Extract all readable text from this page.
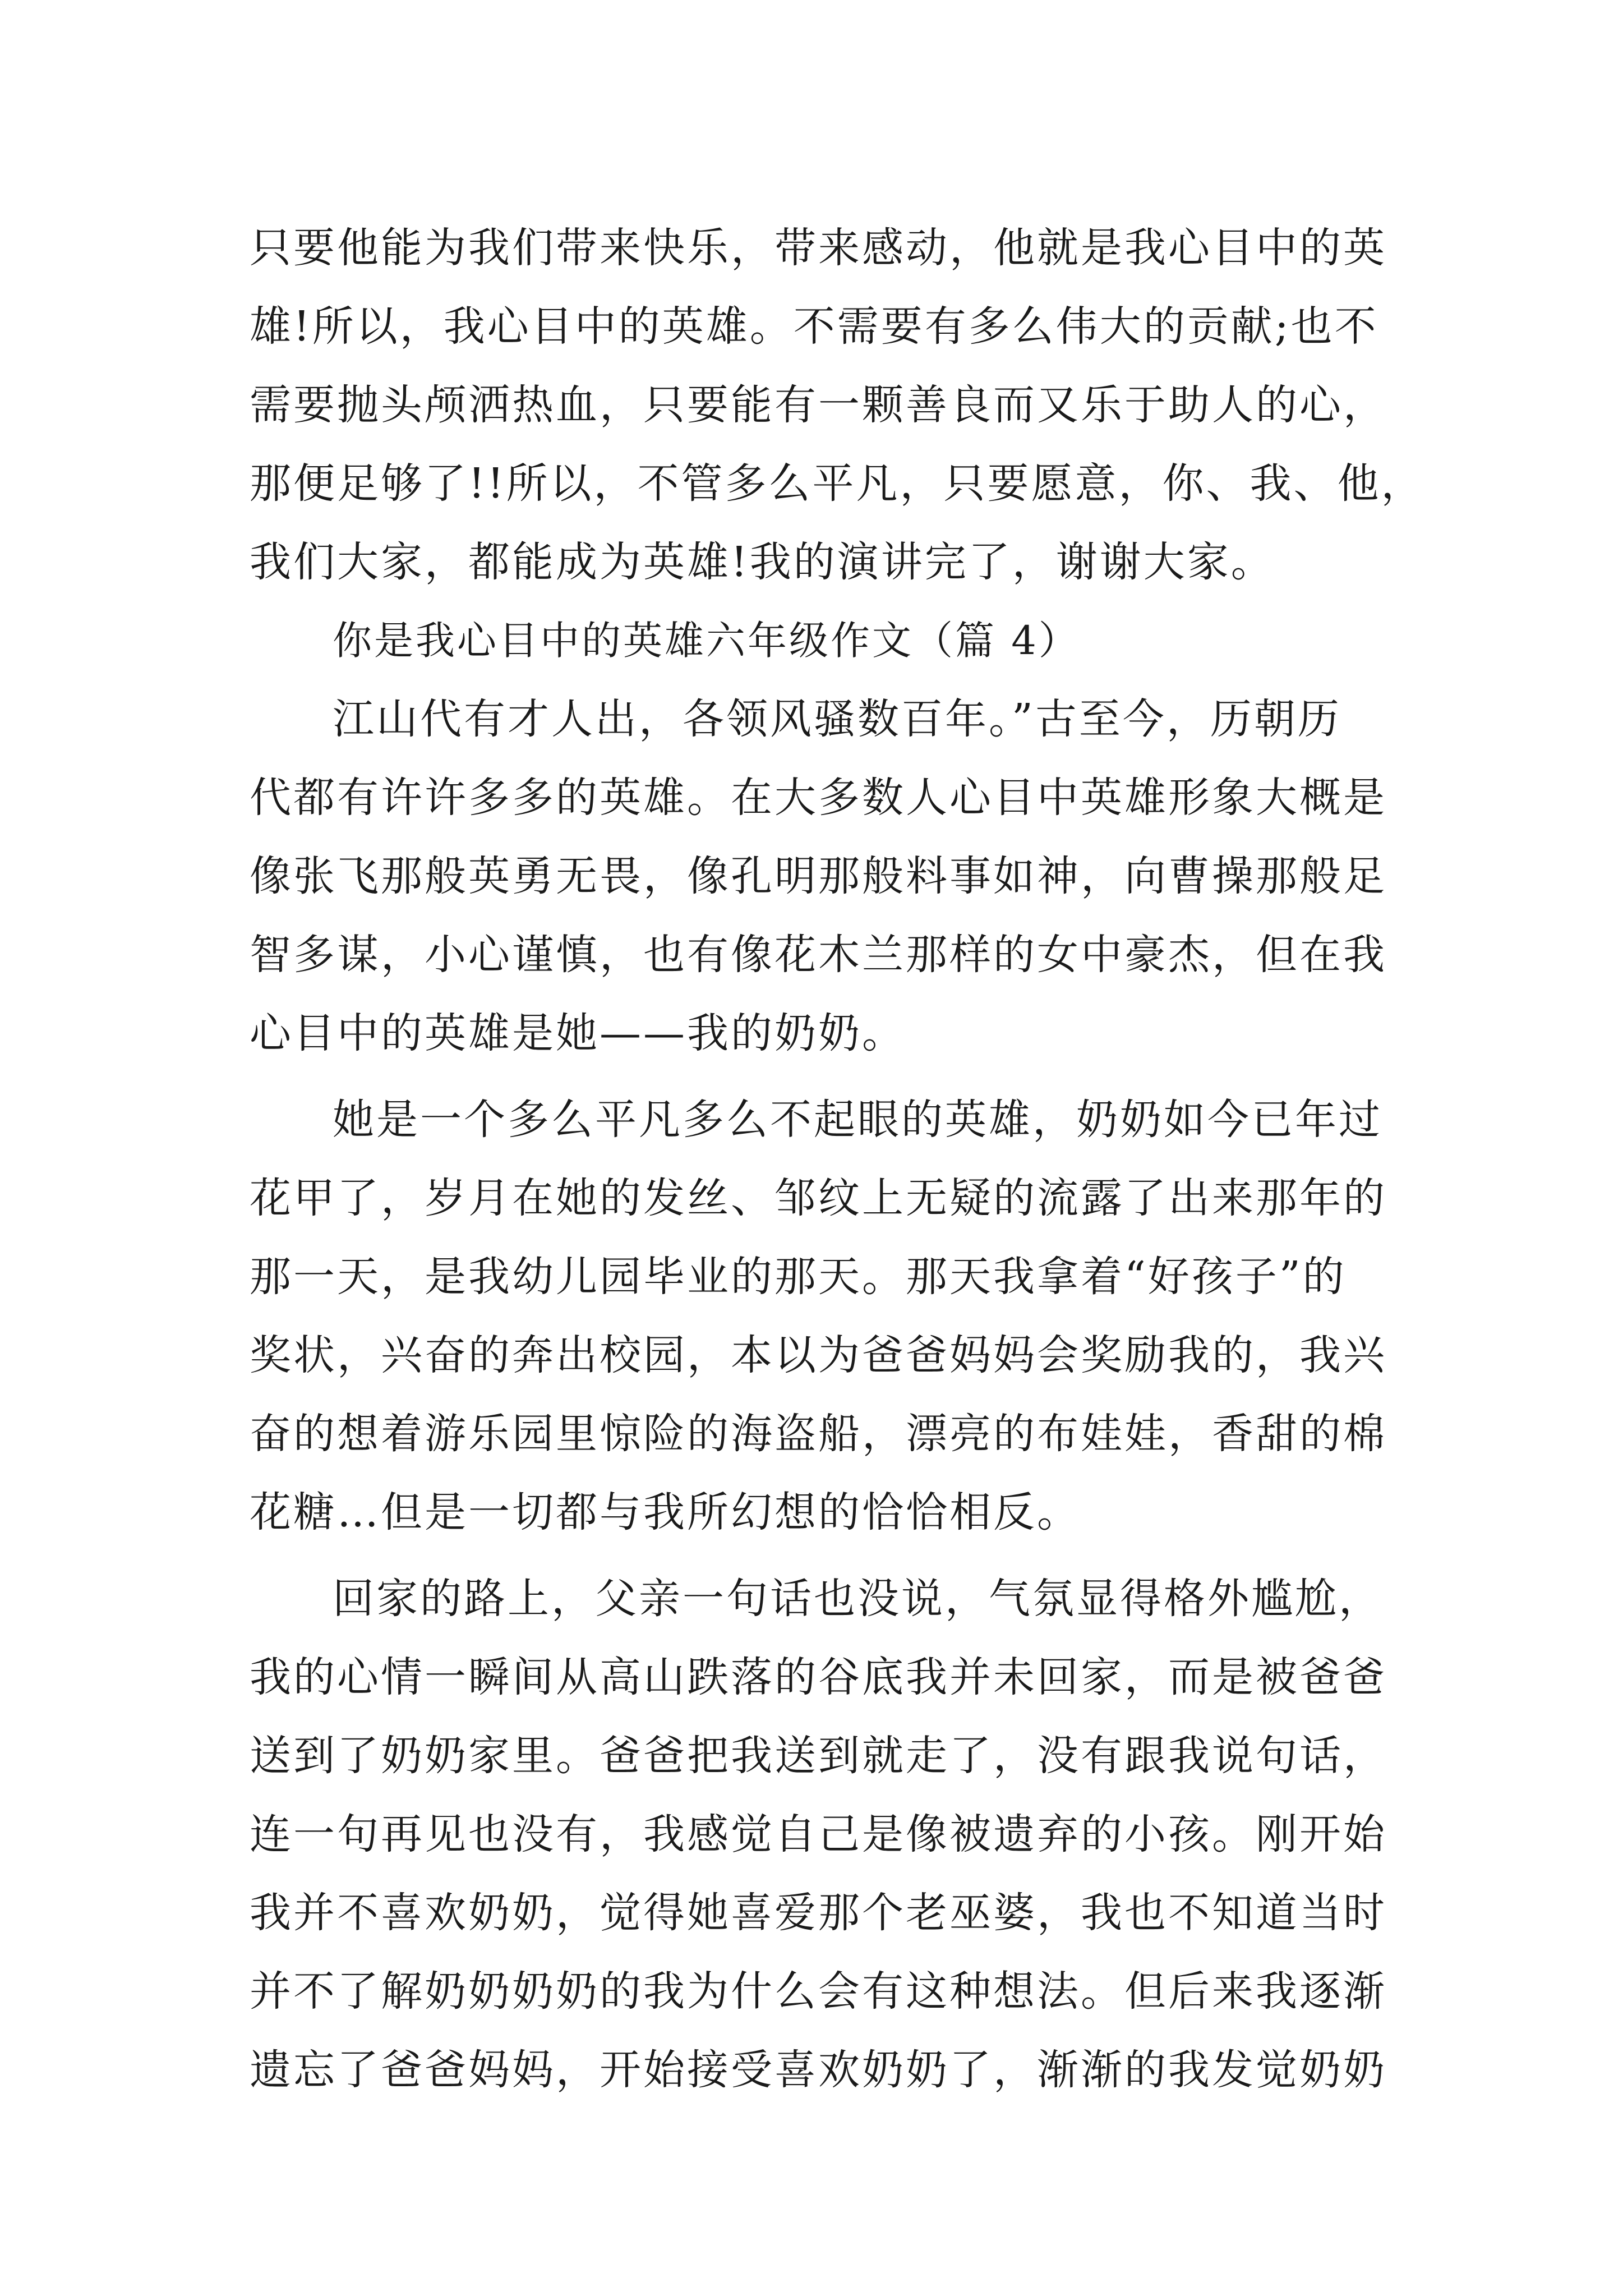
只要他能为我们带来快乐，带来感动，他就是我心目中的英
雄!所以，我心目中的英雄。不需要有多么伟大的贡献;也不
需要抛头颅洒热血，只要能有一颗善良而又乐于助人的心，
那便足够了!!所以，不管多么平凡，只要愿意，你、我、他，
我们大家，都能成为英雄!我的演讲完了，谢谢大家。
你是我心目中的英雄六年级作文（篇 4）
江山代有才人出，各领风骚数百年。”古至今，历朝历
代都有许许多多的英雄。在大多数人心目中英雄形象大概是
像张飞那般英勇无畏，像孔明那般料事如神，向曹操那般足
智多谋，小心谨慎，也有像花木兰那样的女中豪杰，但在我
心目中的英雄是她——我的奶奶。
她是一个多么平凡多么不起眼的英雄，奶奶如今已年过
花甲了，岁月在她的发丝、邹纹上无疑的流露了出来那年的
那一天，是我幼儿园毕业的那天。那天我拿着“好孩子”的
奖状，兴奋的奔出校园，本以为爸爸妈妈会奖励我的，我兴
奋的想着游乐园里惊险的海盗船，漂亮的布娃娃，香甜的棉
花糖…但是一切都与我所幻想的恰恰相反。
回家的路上，父亲一句话也没说，气氛显得格外尴尬，
我的心情一瞬间从高山跌落的谷底我并未回家，而是被爸爸
送到了奶奶家里。爸爸把我送到就走了，没有跟我说句话，
连一句再见也没有，我感觉自己是像被遗弃的小孩。刚开始
我并不喜欢奶奶，觉得她喜爱那个老巫婆，我也不知道当时
并不了解奶奶奶奶的我为什么会有这种想法。但后来我逐渐
遗忘了爸爸妈妈，开始接受喜欢奶奶了，渐渐的我发觉奶奶
